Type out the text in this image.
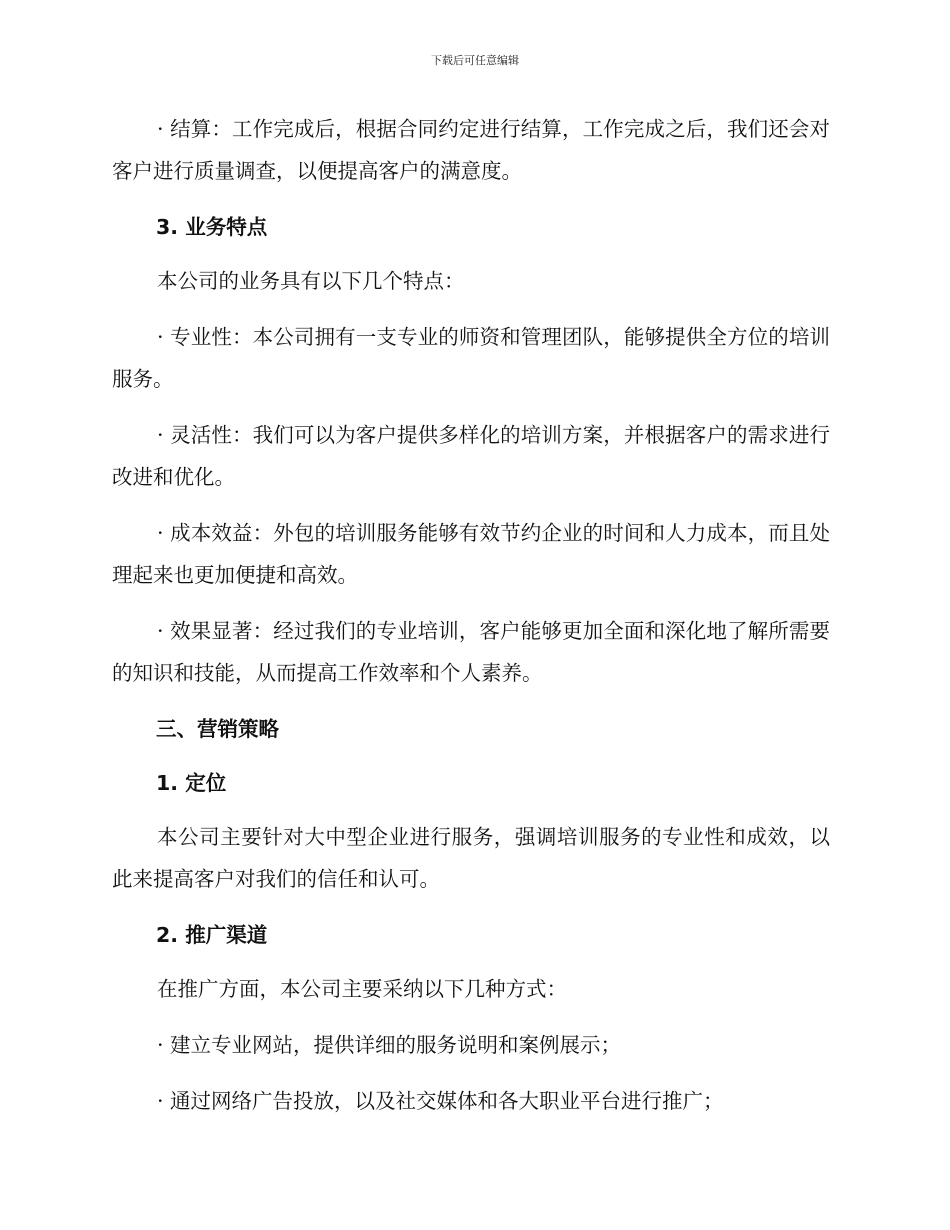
下载后可任意编辑

· 结算：工作完成后，根据合同约定进行结算，工作完成之后，我们还会对客户进行质量调查，以便提高客户的满意度。

3. 业务特点

本公司的业务具有以下几个特点：

· 专业性：本公司拥有一支专业的师资和管理团队，能够提供全方位的培训服务。

· 灵活性：我们可以为客户提供多样化的培训方案，并根据客户的需求进行改进和优化。

· 成本效益：外包的培训服务能够有效节约企业的时间和人力成本，而且处理起来也更加便捷和高效。

· 效果显著：经过我们的专业培训，客户能够更加全面和深化地了解所需要的知识和技能，从而提高工作效率和个人素养。

三、营销策略
1. 定位

本公司主要针对大中型企业进行服务，强调培训服务的专业性和成效，以此来提高客户对我们的信任和认可。

2. 推广渠道

在推广方面，本公司主要采纳以下几种方式：

· 建立专业网站，提供详细的服务说明和案例展示；

· 通过网络广告投放，以及社交媒体和各大职业平台进行推广；
